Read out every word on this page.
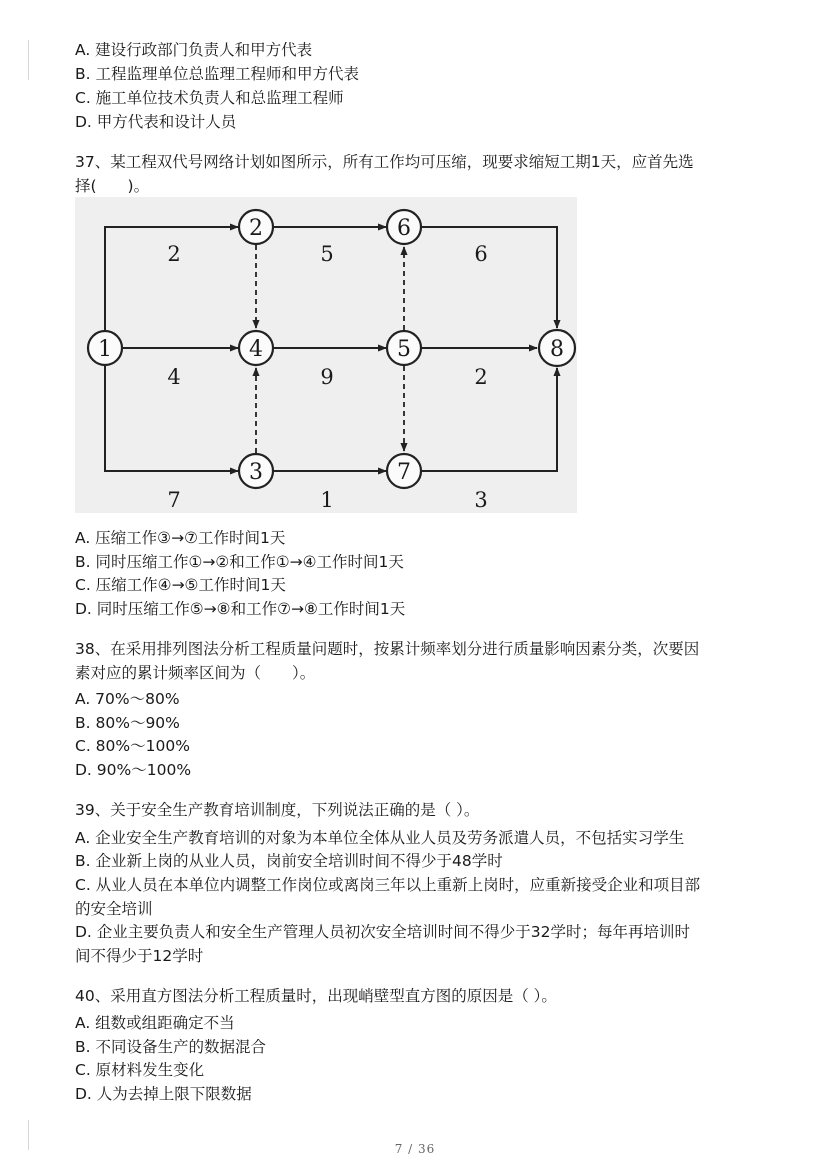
A. 建设行政部门负责人和甲方代表
B. 工程监理单位总监理工程师和甲方代表
C. 施工单位技术负责人和总监理工程师
D. 甲方代表和设计人员
37、某工程双代号网络计划如图所示，所有工作均可压缩，现要求缩短工期1天，应首先选
择(　　)。
1
2
3
4	5
6
7
8
2	5	6
4	9	2
7	1	3
A. 压缩工作③→⑦工作时间1天
B. 同时压缩工作①→②和工作①→④工作时间1天
C. 压缩工作④→⑤工作时间1天
D. 同时压缩工作⑤→⑧和工作⑦→⑧工作时间1天
38、在采用排列图法分析工程质量问题时，按累计频率划分进行质量影响因素分类，次要因
素对应的累计频率区间为（　　）。
A. 70%～80%
B. 80%～90%
C. 80%～100%
D. 90%～100%
39、关于安全生产教育培训制度，下列说法正确的是（ ）。
A. 企业安全生产教育培训的对象为本单位全体从业人员及劳务派遣人员，不包括实习学生
B. 企业新上岗的从业人员，岗前安全培训时间不得少于48学时
C. 从业人员在本单位内调整工作岗位或离岗三年以上重新上岗时，应重新接受企业和项目部
的安全培训
D. 企业主要负责人和安全生产管理人员初次安全培训时间不得少于32学时；每年再培训时
间不得少于12学时
40、采用直方图法分析工程质量时，出现峭壁型直方图的原因是（ ）。
A. 组数或组距确定不当
B. 不同设备生产的数据混合
C. 原材料发生变化
D. 人为去掉上限下限数据
7 / 36
